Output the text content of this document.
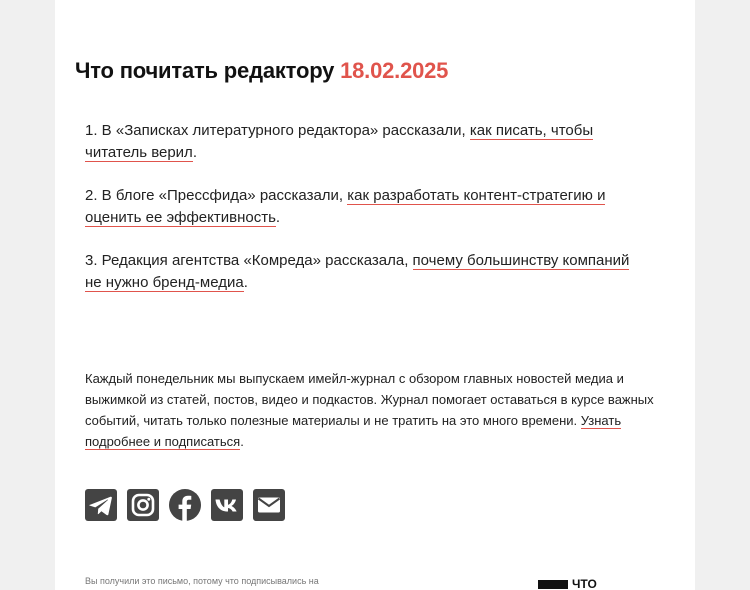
Что почитать редактору 18.02.2025

1. В «Записках литературного редактора» рассказали, как писать, чтобы читатель верил.

2. В блоге «Прессфида» рассказали, как разработать контент-стратегию и оценить ее эффективность.

3. Редакция агентства «Комреда» рассказала, почему большинству компаний не нужно бренд-медиа.

Каждый понедельник мы выпускаем имейл-журнал с обзором главных новостей медиа и выжимкой из статей, постов, видео и подкастов. Журнал помогает оставаться в курсе важных событий, читать только полезные материалы и не тратить на это много времени. Узнать подробнее и подписаться.

Вы получили это письмо, потому что подписывались на	ЧТО
